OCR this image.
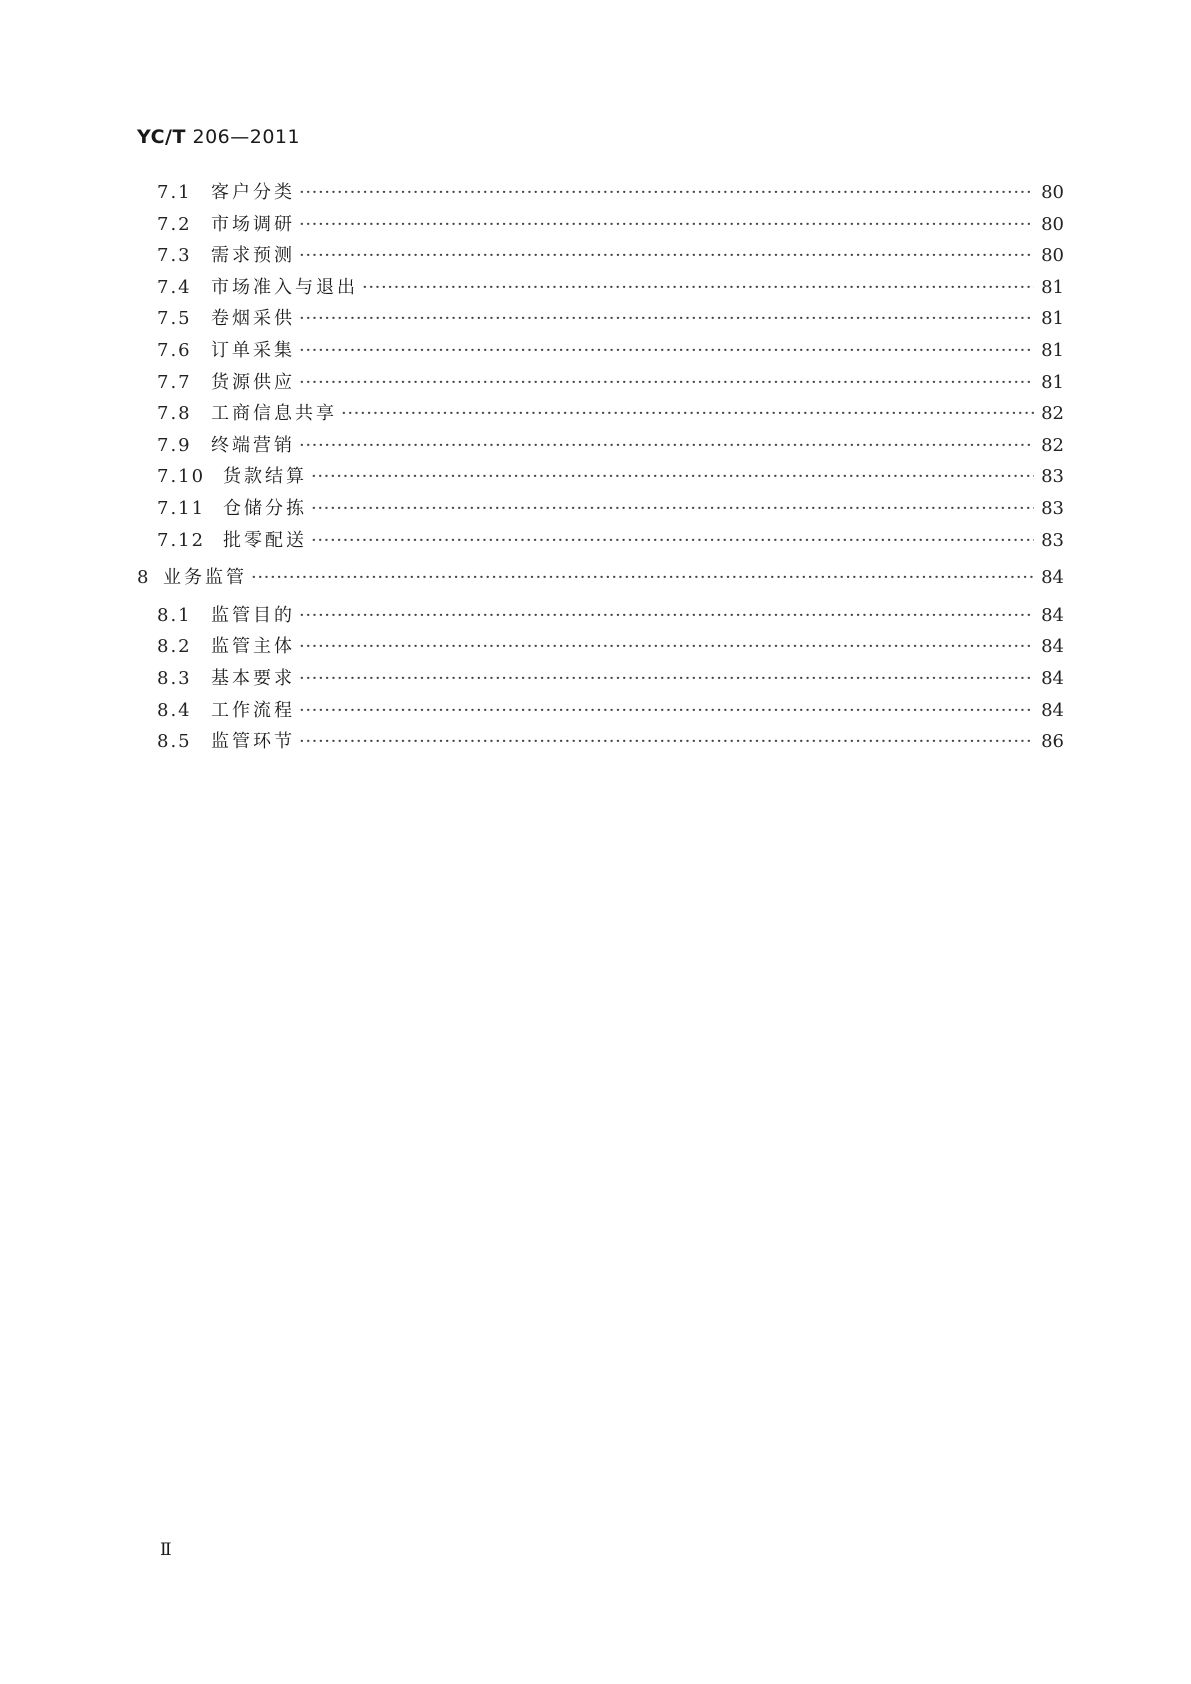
YC/T 206—2011
7.1	客户分类 ·····	80
7.2	市场调研 ·····	80
7.3	需求预测 ·····	80
7.4	市场准入与退出 ·····	81
7.5	卷烟采供 ·····	81
7.6	订单采集 ·····	81
7.7	货源供应 ·····	81
7.8	工商信息共享 ·····	82
7.9	终端营销 ·····	82
7.10 货款结算 ·····	83
7.11 仓储分拣 ·····	83
7.12 批零配送 ·····	83
8 业务监管 ·····	84
8.1	监管目的 ·····	84
8.2	监管主体 ·····	84
8.3	基本要求 ·····	84
8.4	工作流程 ·····	84
8.5	监管环节 ·····	86
Ⅱ
